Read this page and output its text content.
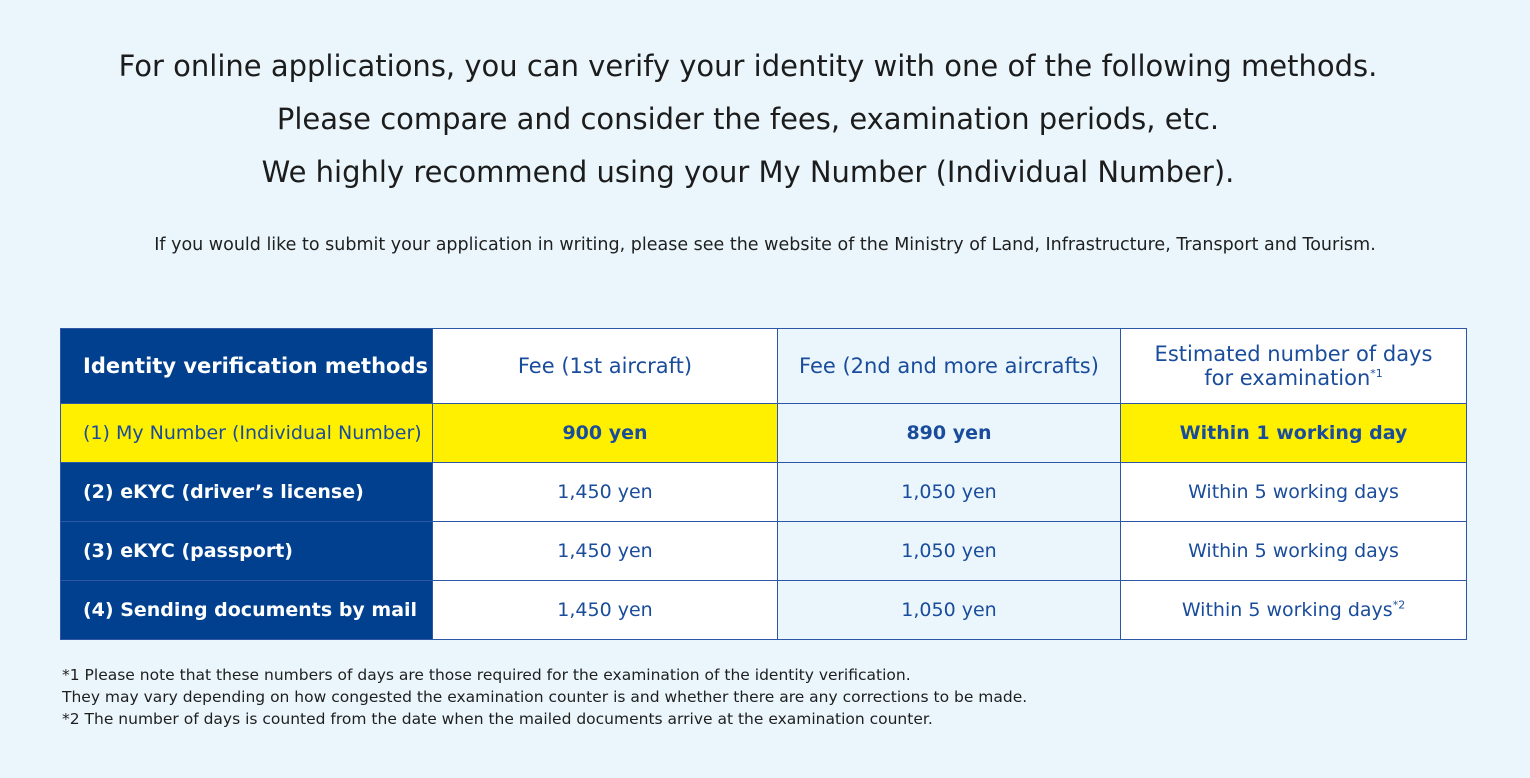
For online applications, you can verify your identity with one of the following methods.
Please compare and consider the fees, examination periods, etc.
We highly recommend using your My Number (Individual Number).
If you would like to submit your application in writing, please see the website of the Ministry of Land, Infrastructure, Transport and Tourism.
Identity verification methods	Fee (1st aircraft)	Fee (2nd and more aircrafts)	Estimated number of days
for examination$^{*1}$
(1) My Number (Individual Number)	900 yen	890 yen	Within 1 working day
(2) eKYC (driver’s license)	1,450 yen	1,050 yen	Within 5 working days
(3) eKYC (passport)	1,450 yen	1,050 yen	Within 5 working days
(4) Sending documents by mail	1,450 yen	1,050 yen	Within 5 working days$^{*2}$
*1 Please note that these numbers of days are those required for the examination of the identity verification.
They may vary depending on how congested the examination counter is and whether there are any corrections to be made.
*2 The number of days is counted from the date when the mailed documents arrive at the examination counter.
